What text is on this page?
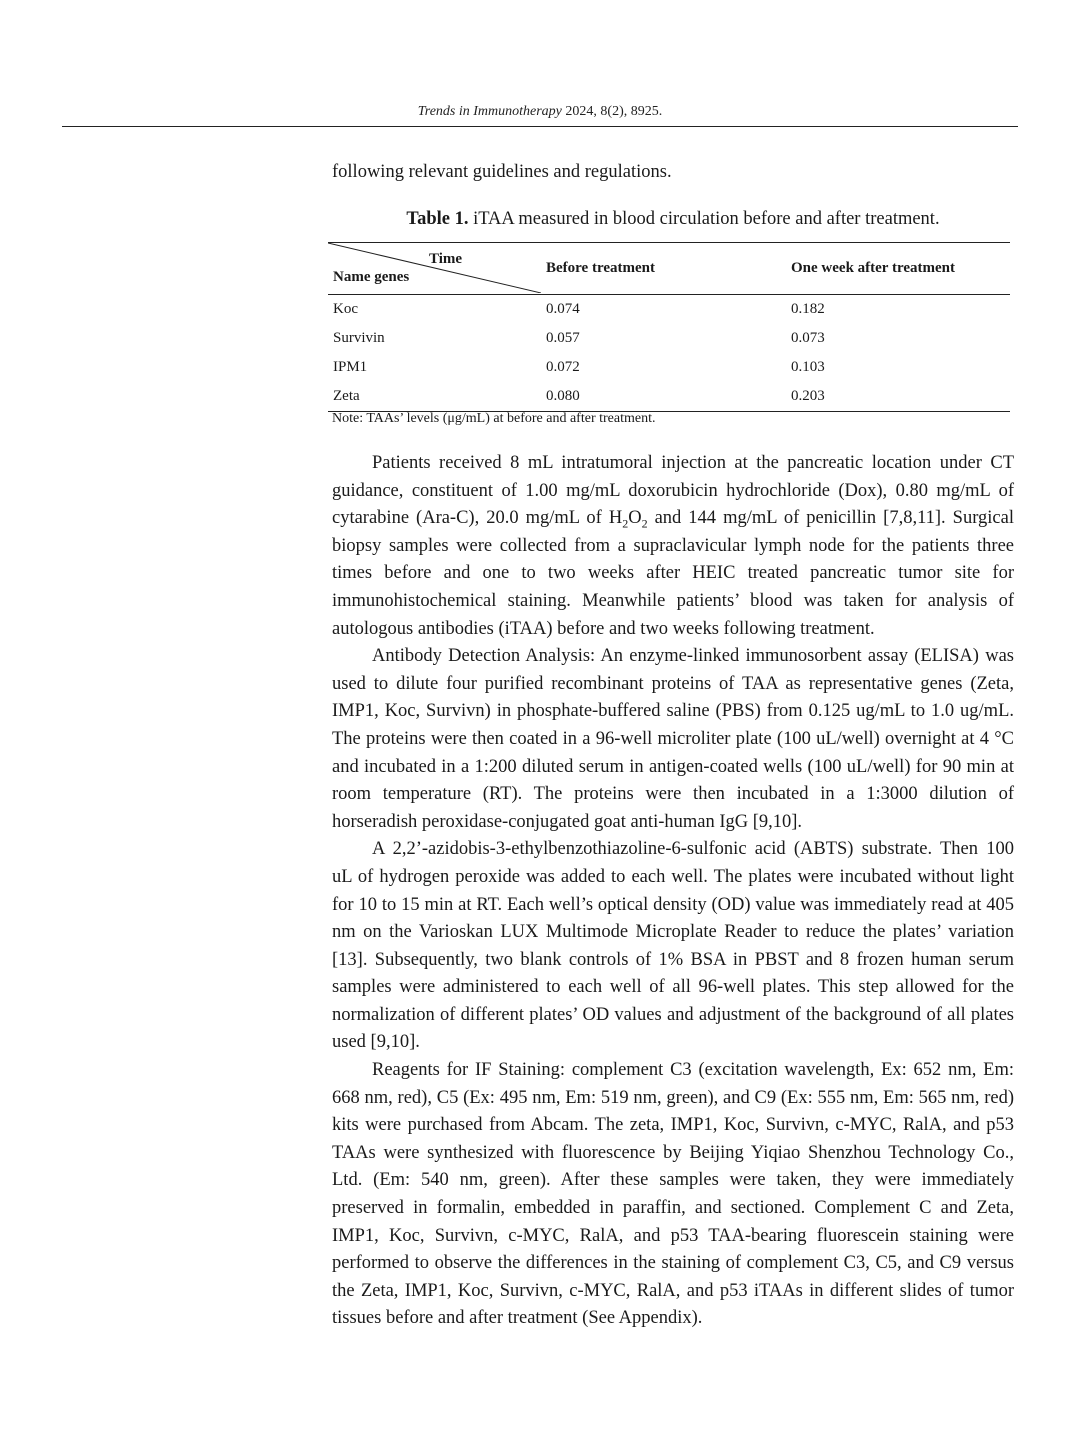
Trends in Immunotherapy 2024, 8(2), 8925.
following relevant guidelines and regulations.
Table 1. iTAA measured in blood circulation before and after treatment.
Time
Name genes	Before treatment	One week after treatment
Koc	0.074	0.182
Survivin	0.057	0.073
IPM1	0.072	0.103
Zeta	0.080	0.203
Note: TAAs’ levels (μg/mL) at before and after treatment.

Patients received 8 mL intratumoral injection at the pancreatic location under CT guidance, constituent of 1.00 mg/mL doxorubicin hydrochloride (Dox), 0.80 mg/mL of cytarabine (Ara-C), 20.0 mg/mL of $H_2O_2$ and 144 mg/mL of penicillin [7,8,11]. Surgical biopsy samples were collected from a supraclavicular lymph node for the patients three times before and one to two weeks after HEIC treated pancreatic tumor site for immunohistochemical staining. Meanwhile patients’ blood was taken for analysis of autologous antibodies (iTAA) before and two weeks following treatment.

Antibody Detection Analysis: An enzyme-linked immunosorbent assay (ELISA) was used to dilute four purified recombinant proteins of TAA as representative genes (Zeta, IMP1, Koc, Survivn) in phosphate-buffered saline (PBS) from 0.125 ug/mL to 1.0 ug/mL. The proteins were then coated in a 96-well microliter plate (100 uL/well) overnight at 4 °C and incubated in a 1:200 diluted serum in antigen-coated wells (100 uL/well) for 90 min at room temperature (RT). The proteins were then incubated in a 1:3000 dilution of horseradish peroxidase-conjugated goat anti-human IgG [9,10].

A 2,2’-azidobis-3-ethylbenzothiazoline-6-sulfonic acid (ABTS) substrate. Then 100 uL of hydrogen peroxide was added to each well. The plates were incubated without light for 10 to 15 min at RT. Each well’s optical density (OD) value was immediately read at 405 nm on the Varioskan LUX Multimode Microplate Reader to reduce the plates’ variation [13]. Subsequently, two blank controls of 1% BSA in PBST and 8 frozen human serum samples were administered to each well of all 96-well plates. This step allowed for the normalization of different plates’ OD values and adjustment of the background of all plates used [9,10].

Reagents for IF Staining: complement C3 (excitation wavelength, Ex: 652 nm, Em: 668 nm, red), C5 (Ex: 495 nm, Em: 519 nm, green), and C9 (Ex: 555 nm, Em: 565 nm, red) kits were purchased from Abcam. The zeta, IMP1, Koc, Survivn, c-MYC, RalA, and p53 TAAs were synthesized with fluorescence by Beijing Yiqiao Shenzhou Technology Co., Ltd. (Em: 540 nm, green). After these samples were taken, they were immediately preserved in formalin, embedded in paraffin, and sectioned. Complement C and Zeta, IMP1, Koc, Survivn, c-MYC, RalA, and p53 TAA-bearing fluorescein staining were performed to observe the differences in the staining of complement C3, C5, and C9 versus the Zeta, IMP1, Koc, Survivn, c-MYC, RalA, and p53 iTAAs in different slides of tumor tissues before and after treatment (See Appendix).
